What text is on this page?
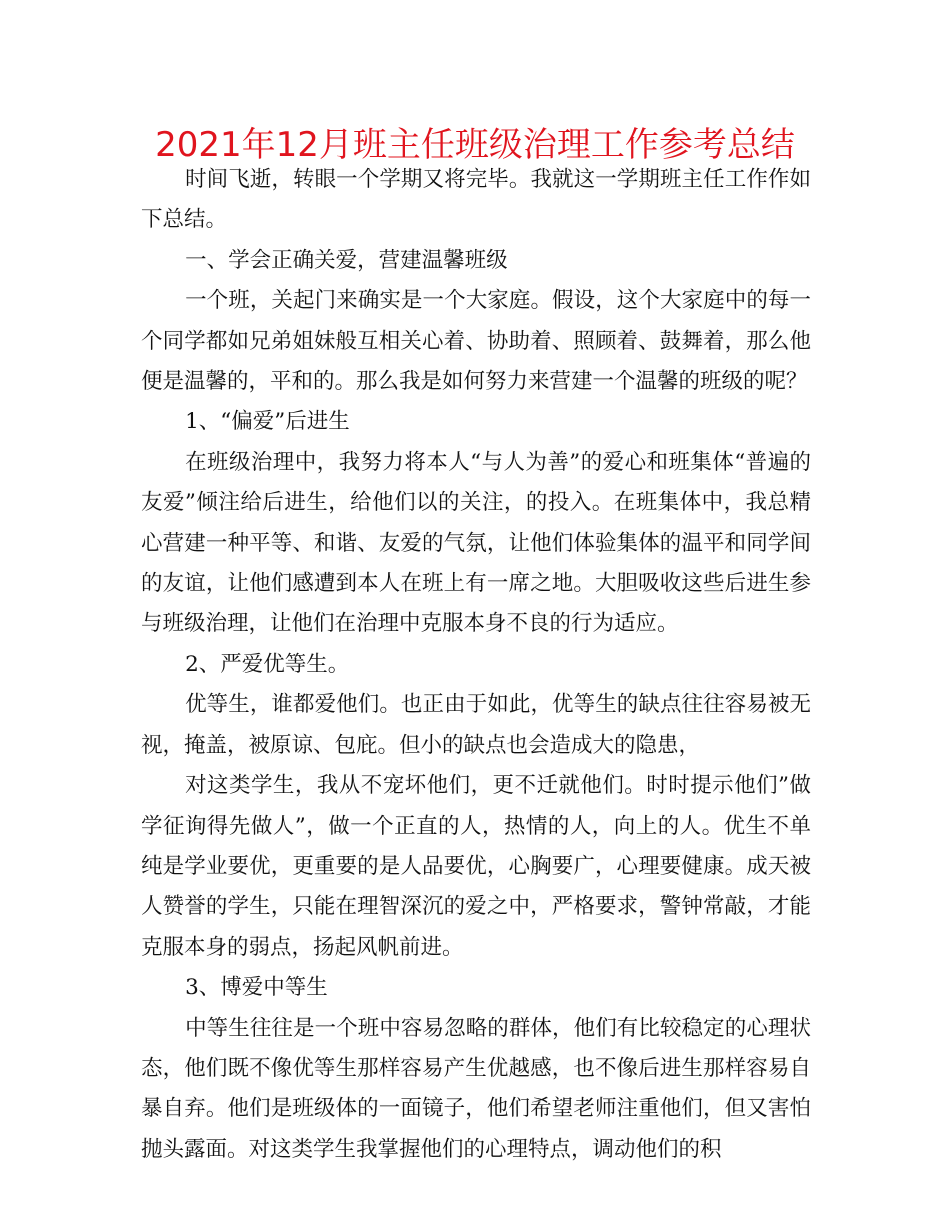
2021年12月班主任班级治理工作参考总结

时间飞逝，转眼一个学期又将完毕。我就这一学期班主任工作作如下总结。

一、学会正确关爱，营建温馨班级

一个班，关起门来确实是一个大家庭。假设，这个大家庭中的每一个同学都如兄弟姐妹般互相关心着、协助着、照顾着、鼓舞着，那么他便是温馨的，平和的。那么我是如何努力来营建一个温馨的班级的呢？

1、“偏爱”后进生

在班级治理中，我努力将本人“与人为善”的爱心和班集体“普遍的友爱”倾注给后进生，给他们以的关注，的投入。在班集体中，我总精心营建一种平等、和谐、友爱的气氛，让他们体验集体的温平和同学间的友谊，让他们感遭到本人在班上有一席之地。大胆吸收这些后进生参与班级治理，让他们在治理中克服本身不良的行为适应。

2、严爱优等生。

优等生，谁都爱他们。也正由于如此，优等生的缺点往往容易被无视，掩盖，被原谅、包庇。但小的缺点也会造成大的隐患，

对这类学生，我从不宠坏他们，更不迁就他们。时时提示他们”做学征询得先做人”，做一个正直的人，热情的人，向上的人。优生不单纯是学业要优，更重要的是人品要优，心胸要广，心理要健康。成天被人赞誉的学生，只能在理智深沉的爱之中，严格要求，警钟常敲，才能克服本身的弱点，扬起风帆前进。

3、博爱中等生

中等生往往是一个班中容易忽略的群体，他们有比较稳定的心理状态，他们既不像优等生那样容易产生优越感，也不像后进生那样容易自暴自弃。他们是班级体的一面镜子，他们希望老师注重他们，但又害怕抛头露面。对这类学生我掌握他们的心理特点，调动他们的积
